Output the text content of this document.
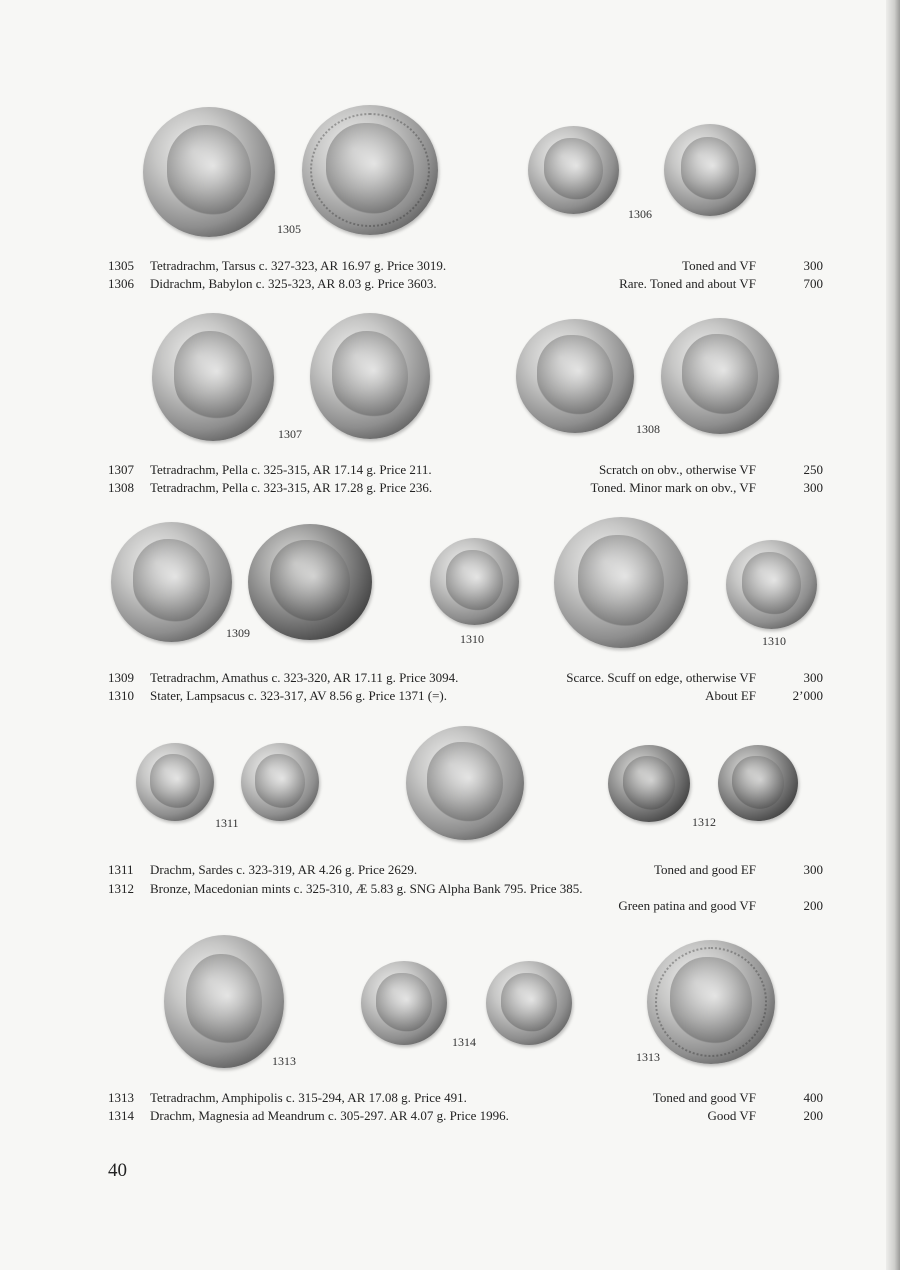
1305
1306
1305 Tetradrachm, Tarsus c. 327-323, AR 16.97 g. Price 3019.	Toned and VF	300
1306 Didrachm, Babylon c. 325-323, AR 8.03 g. Price 3603.	Rare. Toned and about VF	700
1307	1308
1307 Tetradrachm, Pella c. 325-315, AR 17.14 g. Price 211.	Scratch on obv., otherwise VF	250
1308 Tetradrachm, Pella c. 323-315, AR 17.28 g. Price 236.	Toned. Minor mark on obv., VF	300
1309	1310	1310
1309 Tetradrachm, Amathus c. 323-320, AR 17.11 g. Price 3094.	Scarce. Scuff on edge, otherwise VF	300
1310 Stater, Lampsacus c. 323-317, AV 8.56 g. Price 1371 (=).	About EF	2’000
1311	1312
1311 Drachm, Sardes c. 323-319, AR 4.26 g. Price 2629.	Toned and good EF	300
1312 Bronze, Macedonian mints c. 325-310, Æ 5.83 g. SNG Alpha Bank 795. Price 385.
Green patina and good VF	200
1313
1314
1313
1313 Tetradrachm, Amphipolis c. 315-294, AR 17.08 g. Price 491.	Toned and good VF	400
1314 Drachm, Magnesia ad Meandrum c. 305-297. AR 4.07 g. Price 1996.	Good VF	200
40
